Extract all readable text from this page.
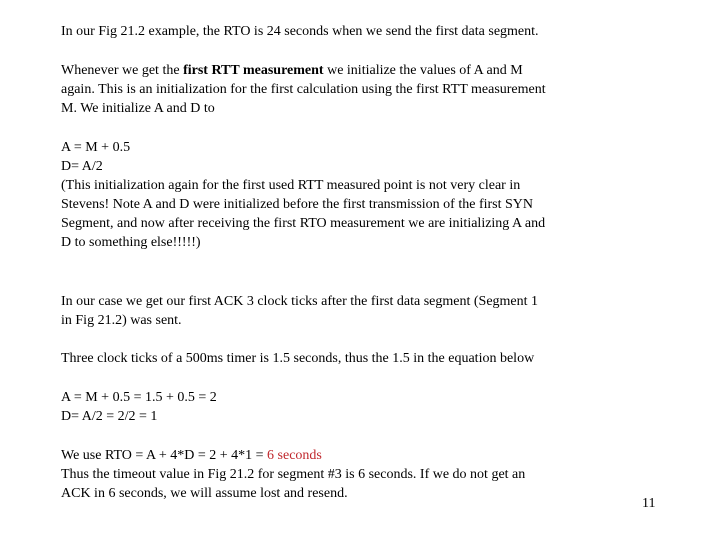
In our Fig 21.2 example, the RTO is 24 seconds when we send the first data segment.

Whenever we get the first RTT measurement we initialize the values of A and M
again. This is an initialization for the first calculation using the first RTT measurement
M. We initialize A and D to

A = M + 0.5
D= A/2
(This initialization again for the first used RTT measured point is not very clear in
Stevens! Note A and D were initialized before the first transmission of the first SYN
Segment, and now after receiving the first RTO measurement we are initializing A and
D to something else!!!!!)

In our case we get our first ACK 3 clock ticks after the first data segment (Segment 1
in Fig 21.2) was sent.

Three clock ticks of a 500ms timer is 1.5 seconds, thus the 1.5 in the equation below

A = M + 0.5 = 1.5 + 0.5 = 2
D= A/2 = 2/2 = 1

We use RTO = A + 4*D = 2 + 4*1 = 6 seconds
Thus the timeout value in Fig 21.2 for segment #3 is 6 seconds. If we do not get an
ACK in 6 seconds, we will assume lost and resend.

11
